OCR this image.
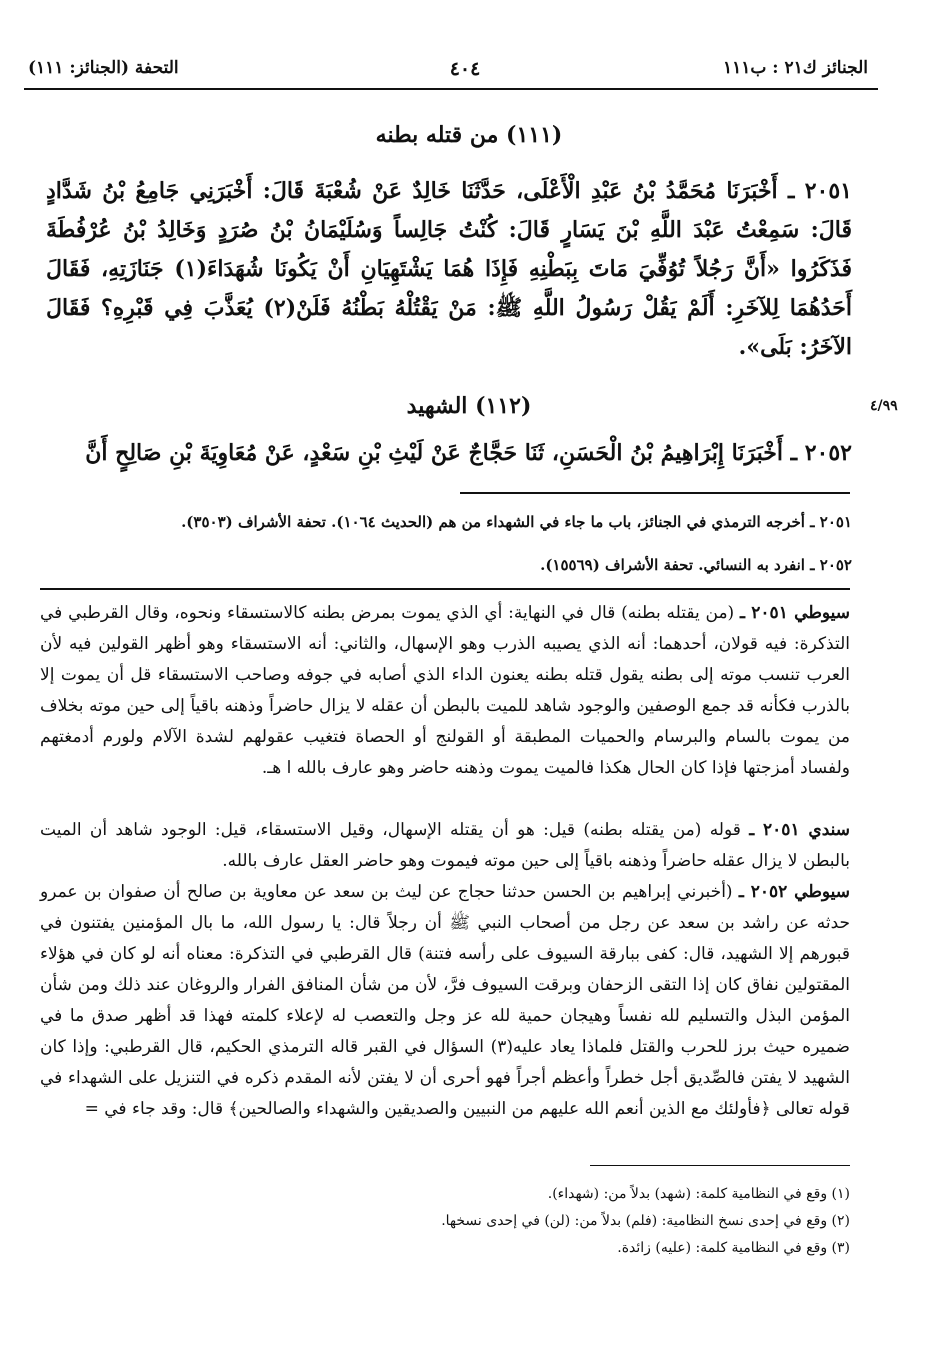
الجنائز ك٢١ : ب١١١
٤٠٤
التحفة (الجنائز: ١١١)
(١١١) من قتله بطنه
٢٠٥١ ـ أَخْبَرَنَا مُحَمَّدُ بْنُ عَبْدِ الْأَعْلَى، حَدَّثَنَا خَالِدٌ عَنْ شُعْبَةَ قَالَ: أَخْبَرَنِي جَامِعُ بْنُ شَدَّادٍ قَالَ: سَمِعْتُ عَبْدَ اللَّهِ بْنَ يَسَارٍ قَالَ: كُنْتُ جَالِساً وَسُلَيْمَانُ بْنُ صُرَدٍ وَخَالِدُ بْنُ عُرْفُطَةَ فَذَكَرُوا «أَنَّ رَجُلاً تُوُفِّيَ مَاتَ بِبَطْنِهِ فَإِذَا هُمَا يَشْتَهِيَانِ أَنْ يَكُونَا شُهَدَاءَ(١) جَنَازَتِهِ، فَقَالَ أَحَدُهُمَا لِلآخَرِ: أَلَمْ يَقُلْ رَسُولُ اللَّهِ ﷺ: مَنْ يَقْتُلْهُ بَطْنُهُ فَلَنْ(٢) يُعَذَّبَ فِي قَبْرِهِ؟ فَقَالَ الآخَرُ: بَلَى».
٤/٩٩
(١١٢) الشهيد
٢٠٥٢ ـ أَخْبَرَنَا إِبْرَاهِيمُ بْنُ الْحَسَنِ، ثَنَا حَجَّاجٌ عَنْ لَيْثِ بْنِ سَعْدٍ، عَنْ مُعَاوِيَةَ بْنِ صَالِحٍ أَنَّ
٢٠٥١ ـ أخرجه الترمذي في الجنائز، باب ما جاء في الشهداء من هم (الحديث ١٠٦٤). تحفة الأشراف (٣٥٠٣).
٢٠٥٢ ـ انفرد به النسائي. تحفة الأشراف (١٥٥٦٩).
سيوطي ٢٠٥١ ـ (من يقتله بطنه) قال في النهاية: أي الذي يموت بمرض بطنه كالاستسقاء ونحوه، وقال القرطبي في التذكرة: فيه قولان، أحدهما: أنه الذي يصيبه الذرب وهو الإسهال، والثاني: أنه الاستسقاء وهو أظهر القولين فيه لأن العرب تنسب موته إلى بطنه يقول قتله بطنه يعنون الداء الذي أصابه في جوفه وصاحب الاستسقاء قل أن يموت إلا بالذرب فكأنه قد جمع الوصفين والوجود شاهد للميت بالبطن أن عقله لا يزال حاضراً وذهنه باقياً إلى حين موته بخلاف من يموت بالسام والبرسام والحميات المطبقة أو القولنج أو الحصاة فتغيب عقولهم لشدة الآلام ولورم أدمغتهم ولفساد أمزجتها فإذا كان الحال هكذا فالميت يموت وذهنه حاضر وهو عارف بالله ا هـ.
سندي ٢٠٥١ ـ قوله (من يقتله بطنه) قيل: هو أن يقتله الإسهال، وقيل الاستسقاء، قيل: الوجود شاهد أن الميت بالبطن لا يزال عقله حاضراً وذهنه باقياً إلى حين موته فيموت وهو حاضر العقل عارف بالله.
سيوطي ٢٠٥٢ ـ (أخبرني إبراهيم بن الحسن حدثنا حجاج عن ليث بن سعد عن معاوية بن صالح أن صفوان بن عمرو حدثه عن راشد بن سعد عن رجل من أصحاب النبي ﷺ أن رجلاً قال: يا رسول الله، ما بال المؤمنين يفتنون في قبورهم إلا الشهيد، قال: كفى ببارقة السيوف على رأسه فتنة) قال القرطبي في التذكرة: معناه أنه لو كان في هؤلاء المقتولين نفاق كان إذا التقى الزحفان وبرقت السيوف فرَّ، لأن من شأن المنافق الفرار والروغان عند ذلك ومن شأن المؤمن البذل والتسليم لله نفساً وهيجان حمية لله عز وجل والتعصب له لإعلاء كلمته فهذا قد أظهر صدق ما في ضميره حيث برز للحرب والقتل فلماذا يعاد عليه(٣) السؤال في القبر قاله الترمذي الحكيم، قال القرطبي: وإذا كان الشهيد لا يفتن فالصِّديق أجل خطراً وأعظم أجراً فهو أحرى أن لا يفتن لأنه المقدم ذكره في التنزيل على الشهداء في قوله تعالى ﴿فأولئك مع الذين أنعم الله عليهم من النبيين والصديقين والشهداء والصالحين﴾ قال: وقد جاء في =
(١) وقع في النظامية كلمة: (شهد) بدلاً من: (شهداء).
(٢) وقع في إحدى نسخ النظامية: (فلم) بدلاً من: (لن) في إحدى نسخها.
(٣) وقع في النظامية كلمة: (عليه) زائدة.
